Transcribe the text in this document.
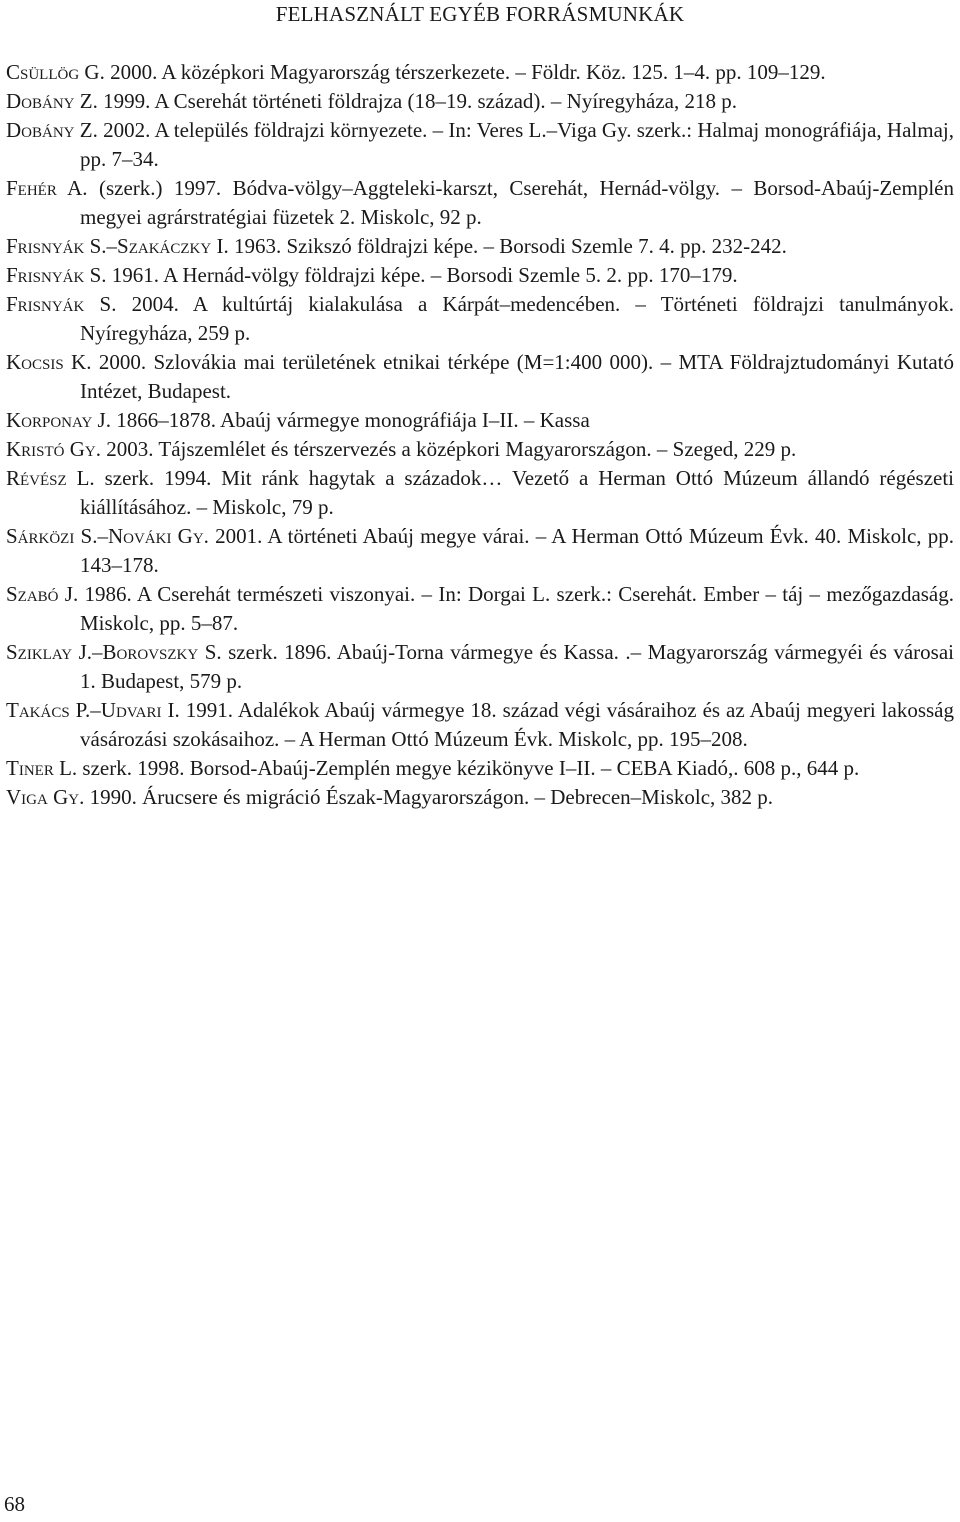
FELHASZNÁLT EGYÉB FORRÁSMUNKÁK

Csüllög G. 2000. A középkori Magyarország térszerkezete. – Földr. Köz. 125. 1–4. pp. 109–129.

Dobány Z. 1999. A Cserehát történeti földrajza (18–19. század). – Nyíregyháza, 218 p.

Dobány Z. 2002. A település földrajzi környezete. – In: Veres L.–Viga Gy. szerk.: Halmaj monográfiája, Halmaj, pp. 7–34.

Fehér A. (szerk.) 1997. Bódva-völgy–Aggteleki-karszt, Cserehát, Hernád-völgy. – Borsod-Abaúj-Zemplén megyei agrárstratégiai füzetek 2. Miskolc, 92 p.

Frisnyák S.–Szakáczky I. 1963. Szikszó földrajzi képe. – Borsodi Szemle 7. 4. pp. 232-242.

Frisnyák S. 1961. A Hernád-völgy földrajzi képe. – Borsodi Szemle 5. 2. pp. 170–179.

Frisnyák S. 2004. A kultúrtáj kialakulása a Kárpát–medencében. – Történeti földrajzi tanulmányok. Nyíregyháza, 259 p.

Kocsis K. 2000. Szlovákia mai területének etnikai térképe (M=1:400 000). – MTA Földrajztudományi Kutató Intézet, Budapest.

Korponay J. 1866–1878. Abaúj vármegye monográfiája I–II. – Kassa

Kristó Gy. 2003. Tájszemlélet és térszervezés a középkori Magyarországon. – Szeged, 229 p.

Révész L. szerk. 1994. Mit ránk hagytak a századok… Vezető a Herman Ottó Múzeum állandó régészeti kiállításához. – Miskolc, 79 p.

Sárközi S.–Nováki Gy. 2001. A történeti Abaúj megye várai. – A Herman Ottó Múzeum Évk. 40. Miskolc, pp. 143–178.

Szabó J. 1986. A Cserehát természeti viszonyai. – In: Dorgai L. szerk.: Cserehát. Ember – táj – mezőgazdaság. Miskolc, pp. 5–87.

Sziklay J.–Borovszky S. szerk. 1896. Abaúj-Torna vármegye és Kassa. .– Magyarország vármegyéi és városai 1. Budapest, 579 p.

Takács P.–Udvari I. 1991. Adalékok Abaúj vármegye 18. század végi vásáraihoz és az Abaúj megyeri lakosság vásározási szokásaihoz. – A Herman Ottó Múzeum Évk. Miskolc, pp. 195–208.

Tiner L. szerk. 1998. Borsod-Abaúj-Zemplén megye kézikönyve I–II. – CEBA Kiadó,. 608 p., 644 p.

Viga Gy. 1990. Árucsere és migráció Észak-Magyarországon. – Debrecen–Miskolc, 382 p.

68
